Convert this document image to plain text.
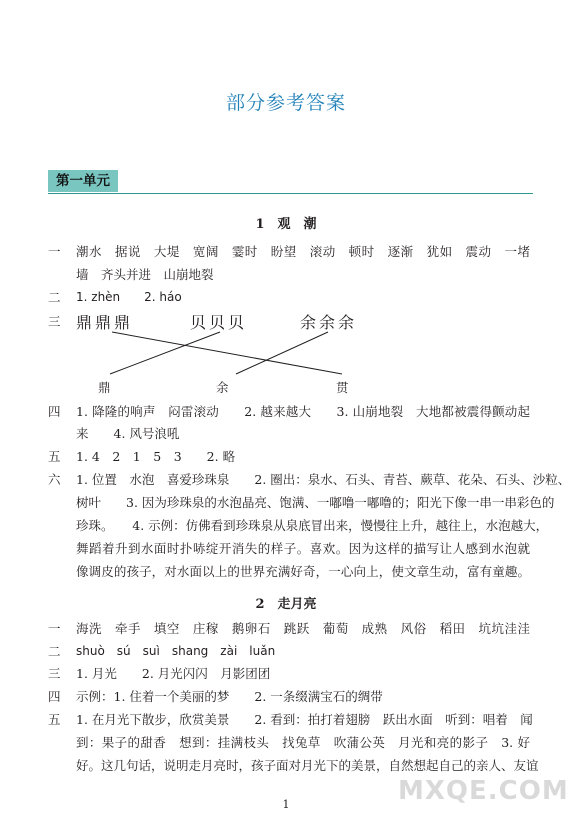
部分参考答案
第一单元
1　观　潮
一 潮水　据说　大堤　宽阔　霎时　盼望　滚动　顿时　逐渐　犹如　震动　一堵
墙　齐头并进　山崩地裂
二 1. zhèn　　2. háo
三 鼎鼎鼎	贝贝贝	余余余
鼎	余	贯
四 1. 降隆的响声　闷雷滚动　　2. 越来越大　　3. 山崩地裂　大地都被震得颤动起
来　　4. 风号浪吼
五 1. 4　2　1　5　3　　2. 略
六 1. 位置　水泡　喜爱珍珠泉　　2. 圈出：泉水、石头、青苔、蕨草、花朵、石头、沙粒、
树叶　　3. 因为珍珠泉的水泡晶亮、饱满、一嘟噜一嘟噜的；阳光下像一串一串彩色的
珍珠。　　4. 示例：仿佛看到珍珠泉从泉底冒出来，慢慢往上升，越往上，水泡越大，
舞蹈着升到水面时扑哧绽开消失的样子。喜欢。因为这样的描写让人感到水泡就
像调皮的孩子，对水面以上的世界充满好奇，一心向上，使文章生动，富有童趣。
2　走月亮
一 海洗　牵手　填空　庄稼　鹅卵石　跳跃　葡萄　成熟　风俗　稻田　坑坑洼洼
二 shuò　sú　suì　shang　zài　luǎn
三 1. 月光　　2. 月光闪闪　月影团团
四 示例：1. 住着一个美丽的梦　　2. 一条缀满宝石的绸带
五 1. 在月光下散步，欣赏美景　　2. 看到：拍打着翅膀　跃出水面　听到：唱着　闻
到：果子的甜香　想到：挂满枝头　找兔草　吹蒲公英　月光和亮的影子　3. 好
好。这几句话，说明走月亮时，孩子面对月光下的美景，自然想起自己的亲人、友谊
MXQE.COM
1
